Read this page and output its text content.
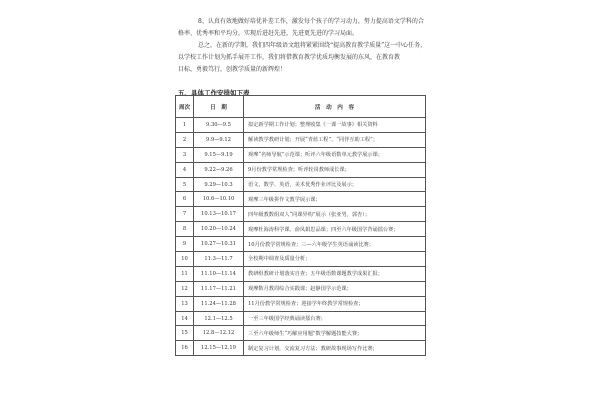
8、认真有效地做好培优补差工作，激发每个孩子的学习动力，努力提高语文学科的合
格率、优秀率和平均分，实现后进赶先进，先进更先进的学习局面。
总之，在新的学期，我们四年级语文组将紧紧围绕“提高教育教学质量”这一中心任务，
以学校工作计划为抓手展开工作，我们将借教育教学优质均衡发展的东风，在教育教
目标，勇毅笃行，创教学质量的新辉煌！
五、具体工作安排如下表
周次	日　期	活　动　内　容
1	9.30—9.5	拟定新学期工作计划；整理收集《一课一故事》相关资料
2	9.9—9.12	解读教学教研计划；开展“青蓝工程”、“同伴互助工程”；
3	9.15—9.19	观摩“名师导航”示范课；听评六年级语数单元教学展示课；
4	9.22—9.26	9月份教学常规检查；听评轮岗教师成长课；
5	9.29—10.3	语文、数学、英语，美术优秀作业评比及展示；
6	10.6—10.10	观摩三年级拼作文教学展示课；
7	10.13—10.17	四年级教数组双人“同课异构”展示（张亚男，郭杏）；
8	10.20—10.24	观摩杜海涛科学课、俞凤娟思品课；四至六年级国学背诵擂台赛；
9	10.27—10.31	10月份教学常规检查；三—六年级学生英语诵读比赛；
10	11.3—11.7	全校期中调查及质量分析；
11	11.10—11.14	教研组教研计划落实自查；五年级语数课题教学成果汇报；
12	11.17—11.21	观摩数月教周综合实践课；赵静国学示范课；
13	11.24—11.28	11月份教学常规检查；迎接学年终教学常规检查；
14	12.1—12.5	一至三年级国学经典诵读擂台赛；
15	12.8—12.12	三至六年级师生“巧解应用题”数学解题技能大赛；
16	12.15—12.19	制定复习计划，交流复习方法；教研故事现场写作比赛；
